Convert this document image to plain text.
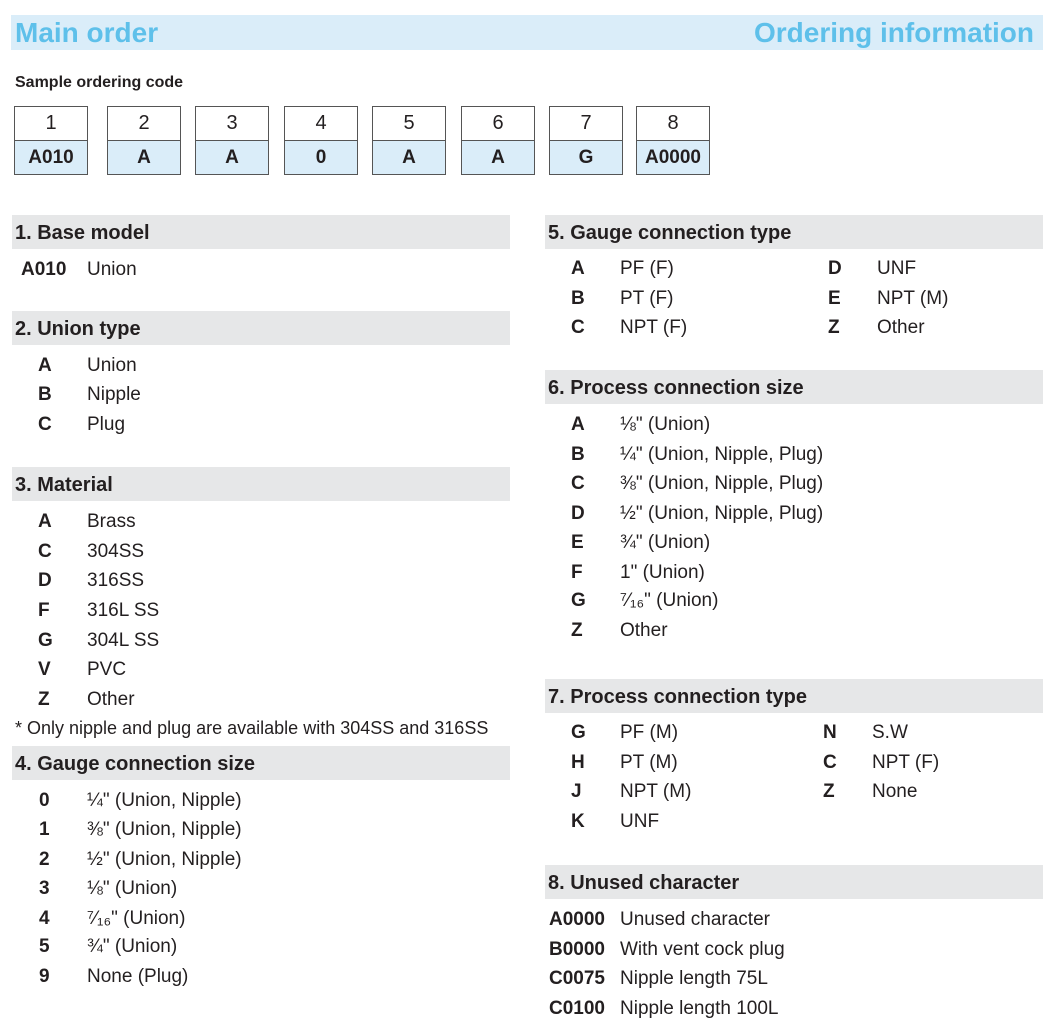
Main order	Ordering information
Sample ordering code
1
A010
2
A
3
A
4
0
5
A
6
A
7
G
8
A0000
1. Base model
A010 Union
2. Union type
A Union
B Nipple
C Plug
3. Material
A Brass
C 304SS
D 316SS
F 316L SS
G 304L SS
V PVC
Z Other
* Only nipple and plug are available with 304SS and 316SS
4. Gauge connection size
0 ¼" (Union, Nipple)
1 ⅜" (Union, Nipple)
2 ½" (Union, Nipple)
3 ⅛" (Union)
4 ⁷⁄₁₆" (Union)
5 ¾" (Union)
9 None (Plug)
5. Gauge connection type
A PF (F)
B PT (F)
C NPT (F)
D UNF
E NPT (M)
Z Other
6. Process connection size
A ⅛" (Union)
B ¼" (Union, Nipple, Plug)
C ⅜" (Union, Nipple, Plug)
D ½" (Union, Nipple, Plug)
E ¾" (Union)
F 1" (Union)
G ⁷⁄₁₆" (Union)
Z Other
7. Process connection type
G PF (M)
H PT (M)
J NPT (M)
K UNF
N S.W
C NPT (F)
Z None
8. Unused character
A0000 Unused character
B0000 With vent cock plug
C0075 Nipple length 75L
C0100 Nipple length 100L
